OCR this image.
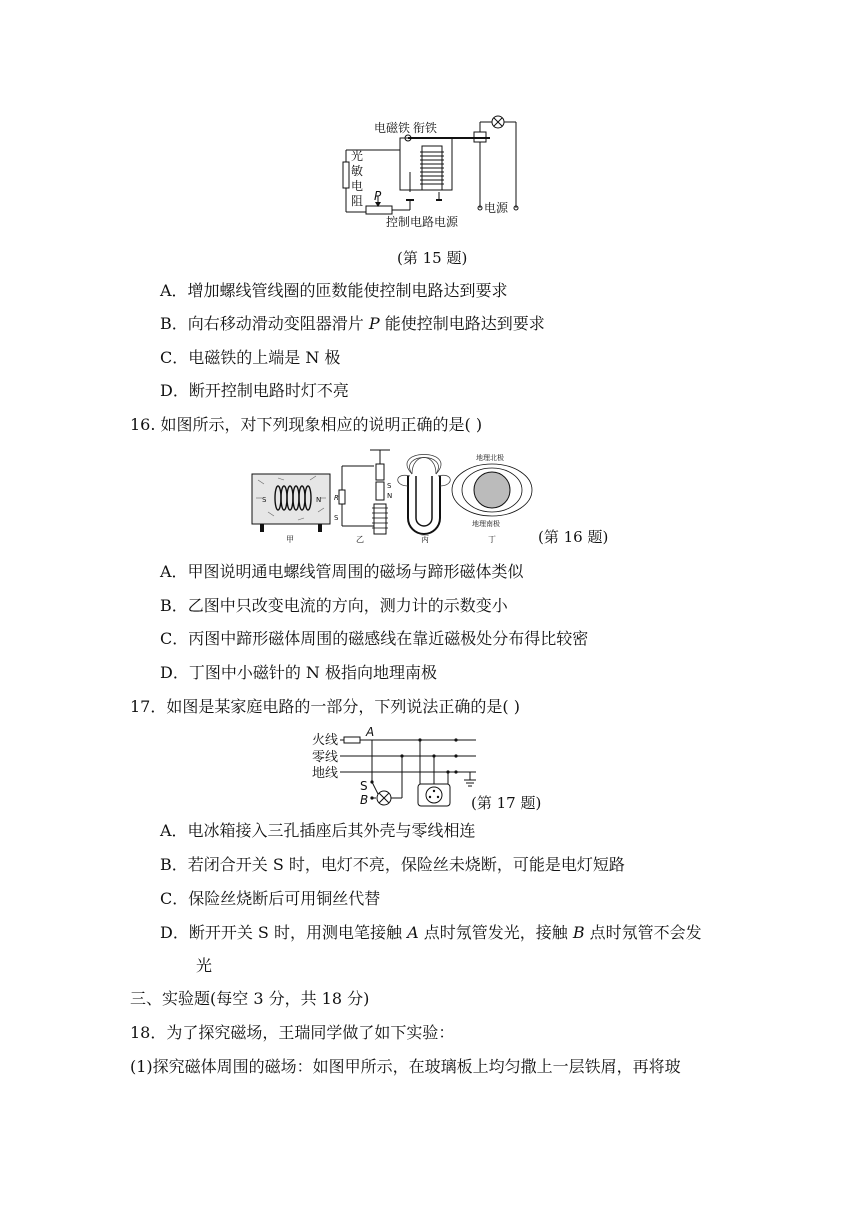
电磁铁 衔铁
光
敏
电
阻 P
控制电路电源
电源
(第 15 题)
A．增加螺线管线圈的匝数能使控制电路达到要求
B．向右移动滑动变阻器滑片 P 能使控制电路达到要求
C．电磁铁的上端是 N 极
D．断开控制电路时灯不亮
16. 如图所示，对下列现象相应的说明正确的是( )
S	N
甲
S
N
R
S
乙	丙
地理北极
地理南极
丁	(第 16 题)
A．甲图说明通电螺线管周围的磁场与蹄形磁体类似
B．乙图中只改变电流的方向，测力计的示数变小
C．丙图中蹄形磁体周围的磁感线在靠近磁极处分布得比较密
D．丁图中小磁针的 N 极指向地理南极
17．如图是某家庭电路的一部分，下列说法正确的是( )
火线
零线
地线
A
S
B	(第 17 题)
A．电冰箱接入三孔插座后其外壳与零线相连
B．若闭合开关 S 时，电灯不亮，保险丝未烧断，可能是电灯短路
C．保险丝烧断后可用铜丝代替
D．断开开关 S 时，用测电笔接触 A 点时氖管发光，接触 B 点时氖管不会发
光
三、实验题(每空 3 分，共 18 分)
18．为了探究磁场，王瑞同学做了如下实验：
(1)探究磁体周围的磁场：如图甲所示，在玻璃板上均匀撒上一层铁屑，再将玻
